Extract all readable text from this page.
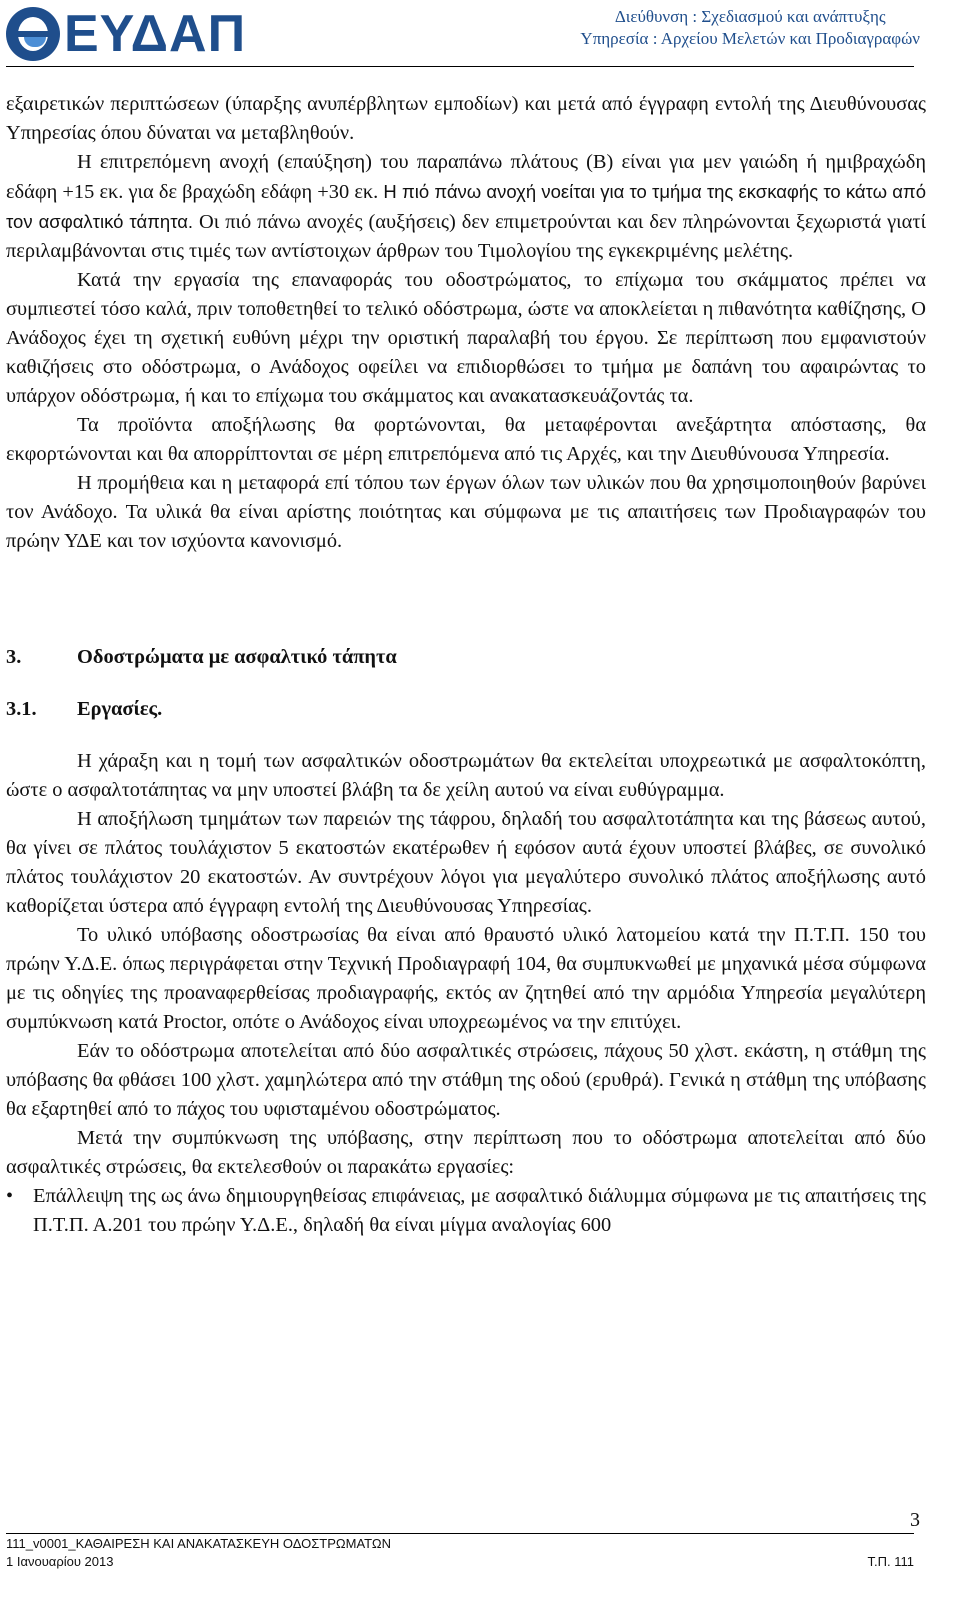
ΕΥΔΑΠ	Διεύθυνση : Σχεδιασμού και ανάπτυξης
Υπηρεσία : Αρχείου Μελετών και Προδιαγραφών

εξαιρετικών περιπτώσεων (ύπαρξης ανυπέρβλητων εμποδίων) και μετά από έγγραφη εντολή της Διευθύνουσας Υπηρεσίας όπου δύναται να μεταβληθούν.

Η επιτρεπόμενη ανοχή (επαύξηση) του παραπάνω πλάτους (Β) είναι για μεν γαιώδη ή ημιβραχώδη εδάφη +15 εκ. για δε βραχώδη εδάφη +30 εκ. Η πιό πάνω ανοχή νοείται για το τμήμα της εκσκαφής το κάτω από τον ασφαλτικό τάπητα. Οι πιό πάνω ανοχές (αυξήσεις) δεν επιμετρούνται και δεν πληρώνονται ξεχωριστά γιατί περιλαμβάνονται στις τιμές των αντίστοιχων άρθρων του Τιμολογίου της εγκεκριμένης μελέτης.

Κατά την εργασία της επαναφοράς του οδοστρώματος, το επίχωμα του σκάμματος πρέπει να συμπιεστεί τόσο καλά, πριν τοποθετηθεί το τελικό οδόστρωμα, ώστε να αποκλείεται η πιθανότητα καθίζησης, Ο Ανάδοχος έχει τη σχετική ευθύνη μέχρι την οριστική παραλαβή του έργου. Σε περίπτωση που εμφανιστούν καθιζήσεις στο οδόστρωμα, ο Ανάδοχος οφείλει να επιδιορθώσει το τμήμα με δαπάνη του αφαιρώντας το υπάρχον οδόστρωμα, ή και το επίχωμα του σκάμματος και ανακατασκευάζοντάς τα.

Τα προϊόντα αποξήλωσης θα φορτώνονται, θα μεταφέρονται ανεξάρτητα απόστασης, θα εκφορτώνονται και θα απορρίπτονται σε μέρη επιτρεπόμενα από τις Αρχές, και την Διευθύνουσα Υπηρεσία.

Η προμήθεια και η μεταφορά επί τόπου των έργων όλων των υλικών που θα χρησιμοποιηθούν βαρύνει τον Ανάδοχο. Τα υλικά θα είναι αρίστης ποιότητας και σύμφωνα με τις απαιτήσεις των Προδιαγραφών του πρώην ΥΔΕ και τον ισχύοντα κανονισμό.

3.	Οδοστρώματα με ασφαλτικό τάπητα
3.1.	Εργασίες.

Η χάραξη και η τομή των ασφαλτικών οδοστρωμάτων θα εκτελείται υποχρεωτικά με ασφαλτοκόπτη, ώστε ο ασφαλτοτάπητας να μην υποστεί βλάβη τα δε χείλη αυτού να είναι ευθύγραμμα.

Η αποξήλωση τμημάτων των παρειών της τάφρου, δηλαδή του ασφαλτοτάπητα και της βάσεως αυτού, θα γίνει σε πλάτος τουλάχιστον 5 εκατοστών εκατέρωθεν ή εφόσον αυτά έχουν υποστεί βλάβες, σε συνολικό πλάτος τουλάχιστον 20 εκατοστών. Αν συντρέχουν λόγοι για μεγαλύτερο συνολικό πλάτος αποξήλωσης αυτό καθορίζεται ύστερα από έγγραφη εντολή της Διευθύνουσας Υπηρεσίας.

Το υλικό υπόβασης οδοστρωσίας θα είναι από θραυστό υλικό λατομείου κατά την Π.Τ.Π. 150 του πρώην Υ.Δ.Ε. όπως περιγράφεται στην Τεχνική Προδιαγραφή 104, θα συμπυκνωθεί με μηχανικά μέσα σύμφωνα με τις οδηγίες της προαναφερθείσας προδιαγραφής, εκτός αν ζητηθεί από την αρμόδια Υπηρεσία μεγαλύτερη συμπύκνωση κατά Proctor, οπότε ο Ανάδοχος είναι υποχρεωμένος να την επιτύχει.

Εάν το οδόστρωμα αποτελείται από δύο ασφαλτικές στρώσεις, πάχους 50 χλστ. εκάστη, η στάθμη της υπόβασης θα φθάσει 100 χλστ. χαμηλώτερα από την στάθμη της οδού (ερυθρά). Γενικά η στάθμη της υπόβασης θα εξαρτηθεί από το πάχος του υφισταμένου οδοστρώματος.

Μετά την συμπύκνωση της υπόβασης, στην περίπτωση που το οδόστρωμα αποτελείται από δύο ασφαλτικές στρώσεις, θα εκτελεσθούν οι παρακάτω εργασίες:

• Επάλλειψη της ως άνω δημιουργηθείσας επιφάνειας, με ασφαλτικό διάλυμμα σύμφωνα με τις απαιτήσεις της Π.Τ.Π. Α.201 του πρώην Υ.Δ.Ε., δηλαδή θα είναι μίγμα αναλογίας 600
3
111_v0001_ΚΑΘΑΙΡΕΣΗ ΚΑΙ ΑΝΑΚΑΤΑΣΚΕΥΗ ΟΔΟΣΤΡΩΜΑΤΩΝ
1 Ιανουαρίου 2013	Τ.Π. 111
